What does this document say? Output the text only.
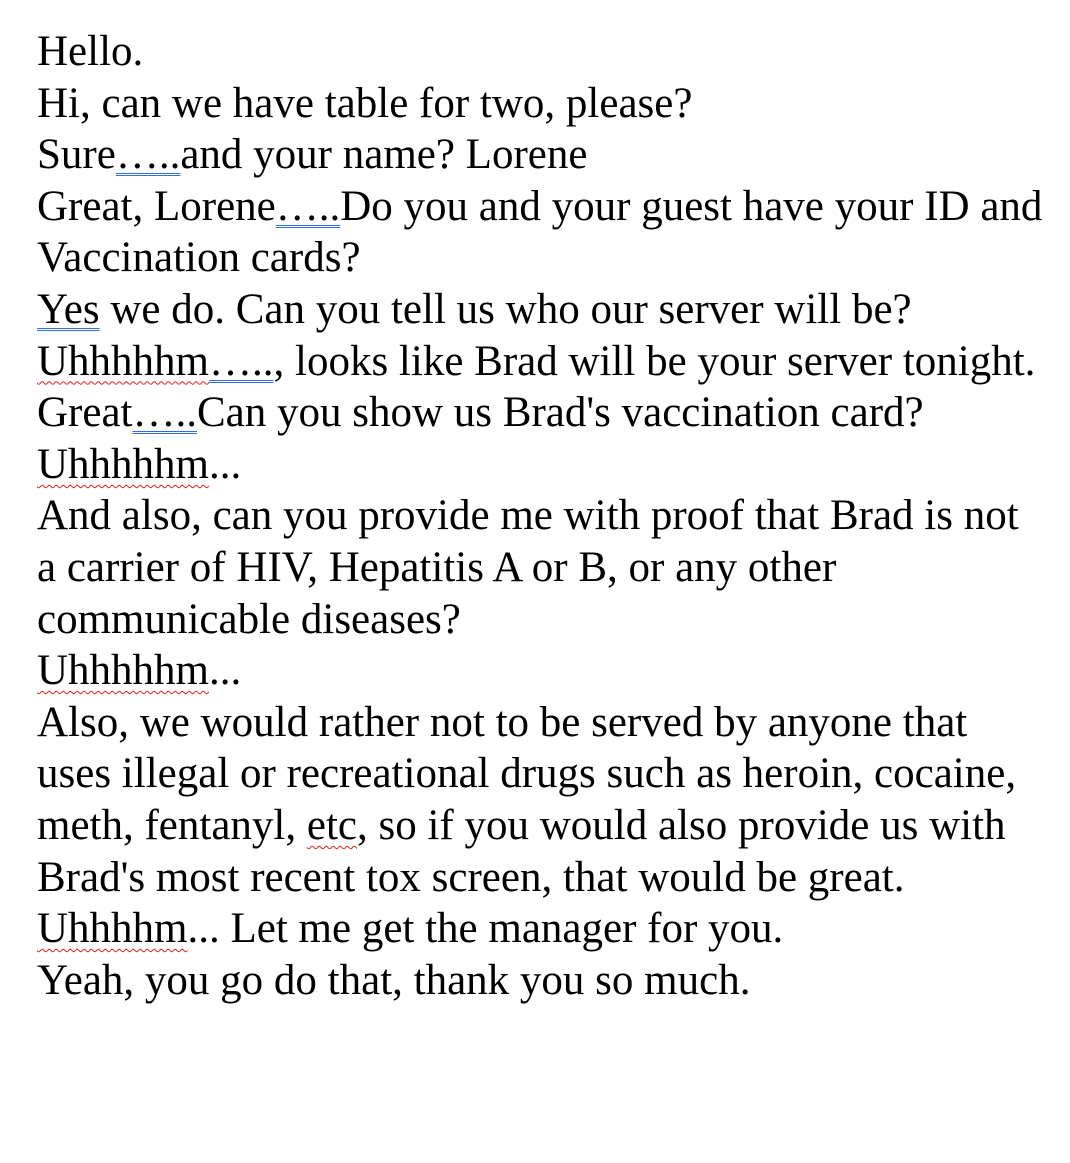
Hello.
Hi, can we have table for two, please?
Sure…..and your name? Lorene
Great, Lorene…..Do you and your guest have your ID and Vaccination cards?
Yes we do. Can you tell us who our server will be?
Uhhhhhm….., looks like Brad will be your server tonight.
Great…..Can you show us Brad's vaccination card?
Uhhhhhm...
And also, can you provide me with proof that Brad is not a carrier of HIV, Hepatitis A or B, or any other communicable diseases?
Uhhhhhm...
Also, we would rather not to be served by anyone that uses illegal or recreational drugs such as heroin, cocaine, meth, fentanyl, etc, so if you would also provide us with Brad's most recent tox screen, that would be great.
Uhhhhm... Let me get the manager for you.
Yeah, you go do that, thank you so much.
